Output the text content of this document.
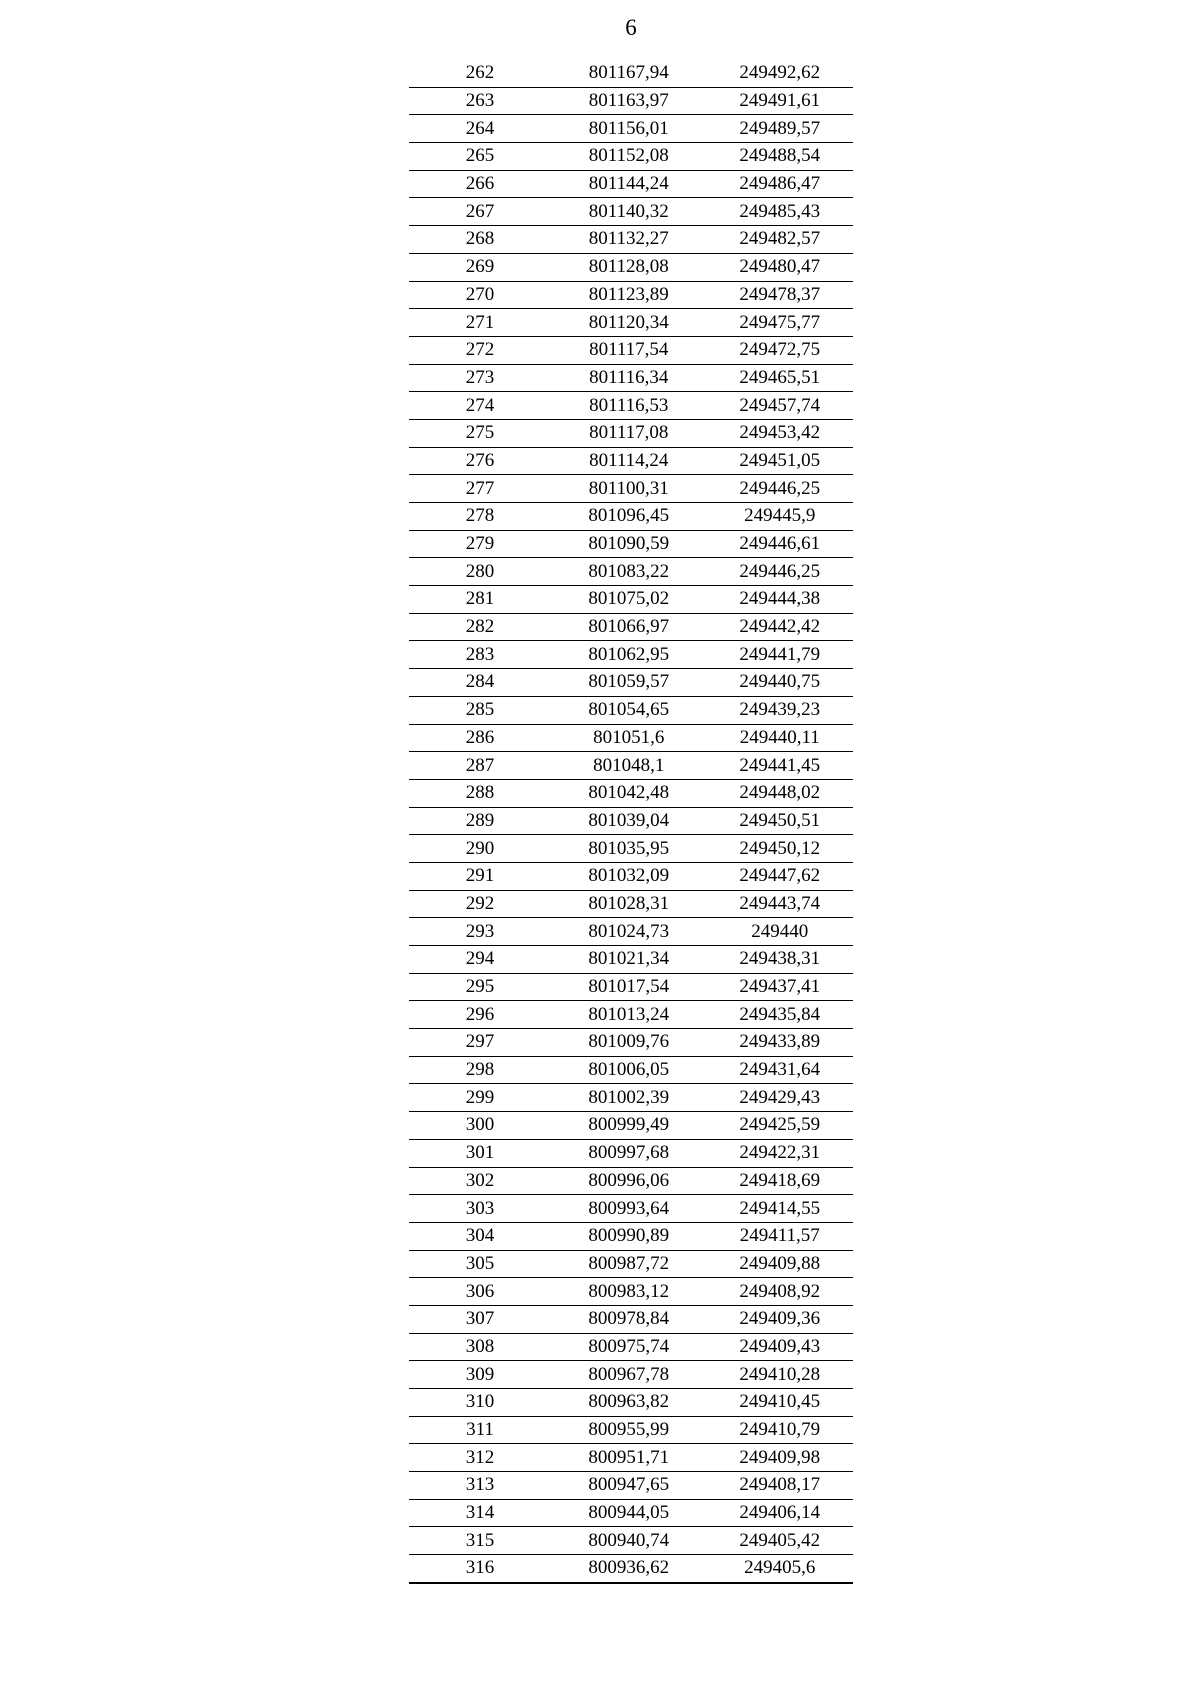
6
262	801167,94	249492,62
263	801163,97	249491,61
264	801156,01	249489,57
265	801152,08	249488,54
266	801144,24	249486,47
267	801140,32	249485,43
268	801132,27	249482,57
269	801128,08	249480,47
270	801123,89	249478,37
271	801120,34	249475,77
272	801117,54	249472,75
273	801116,34	249465,51
274	801116,53	249457,74
275	801117,08	249453,42
276	801114,24	249451,05
277	801100,31	249446,25
278	801096,45	249445,9
279	801090,59	249446,61
280	801083,22	249446,25
281	801075,02	249444,38
282	801066,97	249442,42
283	801062,95	249441,79
284	801059,57	249440,75
285	801054,65	249439,23
286	801051,6	249440,11
287	801048,1	249441,45
288	801042,48	249448,02
289	801039,04	249450,51
290	801035,95	249450,12
291	801032,09	249447,62
292	801028,31	249443,74
293	801024,73	249440
294	801021,34	249438,31
295	801017,54	249437,41
296	801013,24	249435,84
297	801009,76	249433,89
298	801006,05	249431,64
299	801002,39	249429,43
300	800999,49	249425,59
301	800997,68	249422,31
302	800996,06	249418,69
303	800993,64	249414,55
304	800990,89	249411,57
305	800987,72	249409,88
306	800983,12	249408,92
307	800978,84	249409,36
308	800975,74	249409,43
309	800967,78	249410,28
310	800963,82	249410,45
311	800955,99	249410,79
312	800951,71	249409,98
313	800947,65	249408,17
314	800944,05	249406,14
315	800940,74	249405,42
316	800936,62	249405,6
